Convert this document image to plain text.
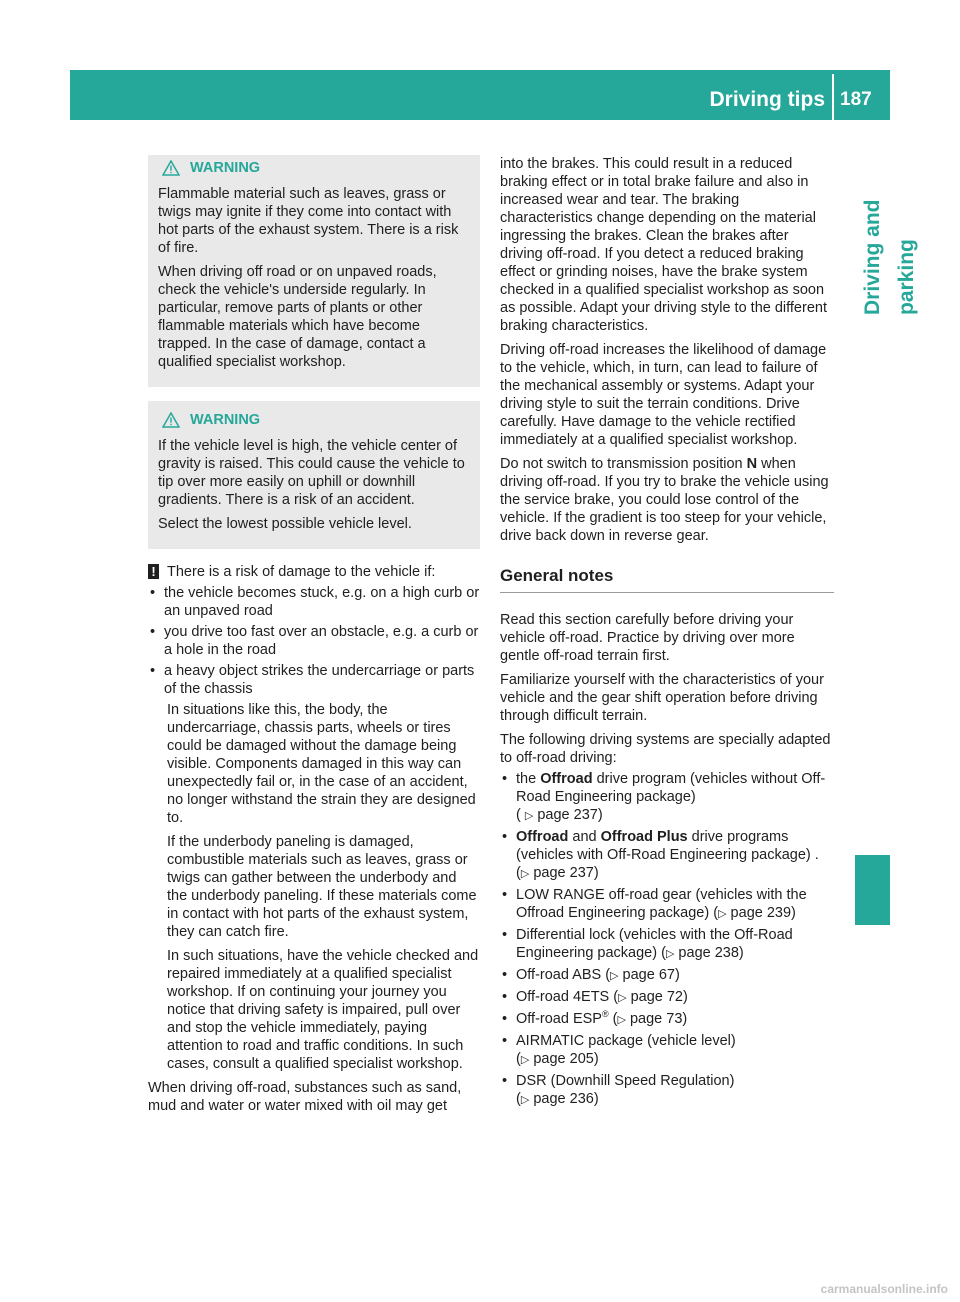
Driving tips 187
Driving and parking
WARNING

Flammable material such as leaves, grass or twigs may ignite if they come into contact with hot parts of the exhaust system. There is a risk of fire.

When driving off road or on unpaved roads, check the vehicle's underside regularly. In particular, remove parts of plants or other flammable materials which have become trapped. In the case of damage, contact a qualified specialist workshop.

WARNING

If the vehicle level is high, the vehicle center of gravity is raised. This could cause the vehicle to tip over more easily on uphill or downhill gradients. There is a risk of an accident.

Select the lowest possible vehicle level.

! There is a risk of damage to the vehicle if:
• the vehicle becomes stuck, e.g. on a high curb or an unpaved road
• you drive too fast over an obstacle, e.g. a curb or a hole in the road
• a heavy object strikes the undercarriage or parts of the chassis

In situations like this, the body, the undercarriage, chassis parts, wheels or tires could be damaged without the damage being visible. Components damaged in this way can unexpectedly fail or, in the case of an accident, no longer withstand the strain they are designed to.

If the underbody paneling is damaged, combustible materials such as leaves, grass or twigs can gather between the underbody and the underbody paneling. If these materials come in contact with hot parts of the exhaust system, they can catch fire.

In such situations, have the vehicle checked and repaired immediately at a qualified specialist workshop. If on continuing your journey you notice that driving safety is impaired, pull over and stop the vehicle immediately, paying attention to road and traffic conditions. In such cases, consult a qualified specialist workshop.

When driving off-road, substances such as sand, mud and water or water mixed with oil may get

into the brakes. This could result in a reduced braking effect or in total brake failure and also in increased wear and tear. The braking characteristics change depending on the material ingressing the brakes. Clean the brakes after driving off-road. If you detect a reduced braking effect or grinding noises, have the brake system checked in a qualified specialist workshop as soon as possible. Adapt your driving style to the different braking characteristics.

Driving off-road increases the likelihood of damage to the vehicle, which, in turn, can lead to failure of the mechanical assembly or systems. Adapt your driving style to suit the terrain conditions. Drive carefully. Have damage to the vehicle rectified immediately at a qualified specialist workshop.

Do not switch to transmission position N when driving off-road. If you try to brake the vehicle using the service brake, you could lose control of the vehicle. If the gradient is too steep for your vehicle, drive back down in reverse gear.

General notes

Read this section carefully before driving your vehicle off-road. Practice by driving over more gentle off-road terrain first.

Familiarize yourself with the characteristics of your vehicle and the gear shift operation before driving through difficult terrain.

The following driving systems are specially adapted to off-road driving:

• the Offroad drive program (vehicles without Off-Road Engineering package)
( ▷ page 237)
• Offroad and Offroad Plus drive programs (vehicles with Off-Road Engineering package) . (▷ page 237)
• LOW RANGE off-road gear (vehicles with the Offroad Engineering package) (▷ page 239)
• Differential lock (vehicles with the Off-Road Engineering package) (▷ page 238)
• Off-road ABS (▷ page 67)
• Off-road 4ETS (▷ page 72)
• Off-road ESP® (▷ page 73)
• AIRMATIC package (vehicle level)
(▷ page 205)
• DSR (Downhill Speed Regulation)
(▷ page 236)
carmanualsonline.info
